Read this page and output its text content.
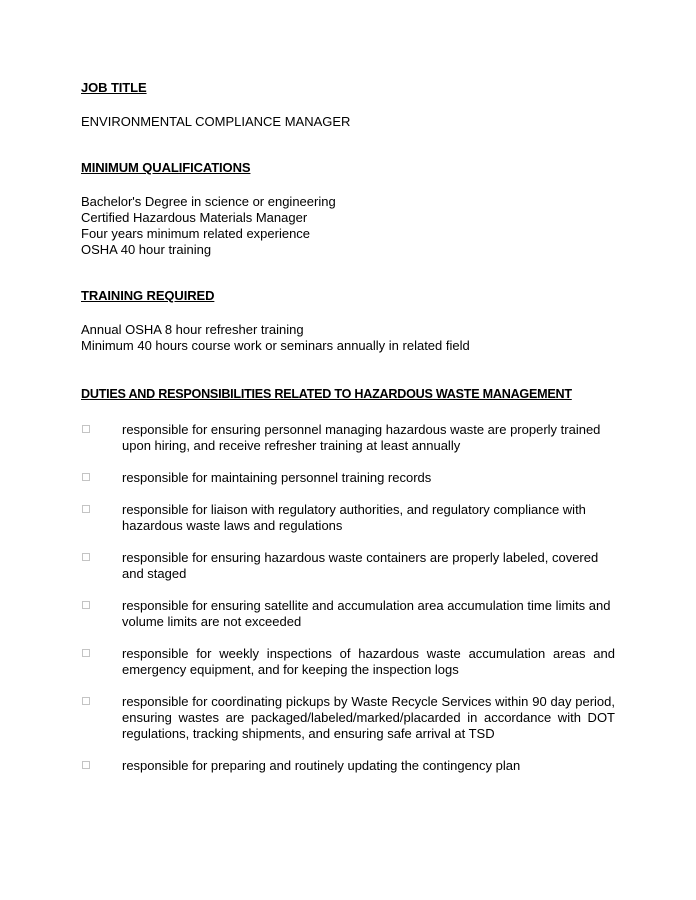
JOB TITLE

ENVIRONMENTAL COMPLIANCE MANAGER

MINIMUM QUALIFICATIONS

Bachelor's Degree in science or engineering

Certified Hazardous Materials Manager

Four years minimum related experience

OSHA 40 hour training

TRAINING REQUIRED

Annual OSHA 8 hour refresher training

Minimum 40 hours course work or seminars annually in related field

DUTIES AND RESPONSIBILITIES RELATED TO HAZARDOUS WASTE MANAGEMENT
responsible for ensuring personnel managing hazardous waste are properly trained upon hiring, and receive refresher training at least annually
responsible for maintaining personnel training records
responsible for liaison with regulatory authorities, and regulatory compliance with hazardous waste laws and regulations
responsible for ensuring hazardous waste containers are properly labeled, covered and staged
responsible for ensuring satellite and accumulation area accumulation time limits and volume limits are not exceeded
responsible for weekly inspections of hazardous waste accumulation areas and emergency equipment, and for keeping the inspection logs
responsible for coordinating pickups by Waste Recycle Services within 90 day period, ensuring wastes are packaged/labeled/marked/placarded in accordance with DOT regulations, tracking shipments, and ensuring safe arrival at TSD
responsible for preparing and routinely updating the contingency plan
